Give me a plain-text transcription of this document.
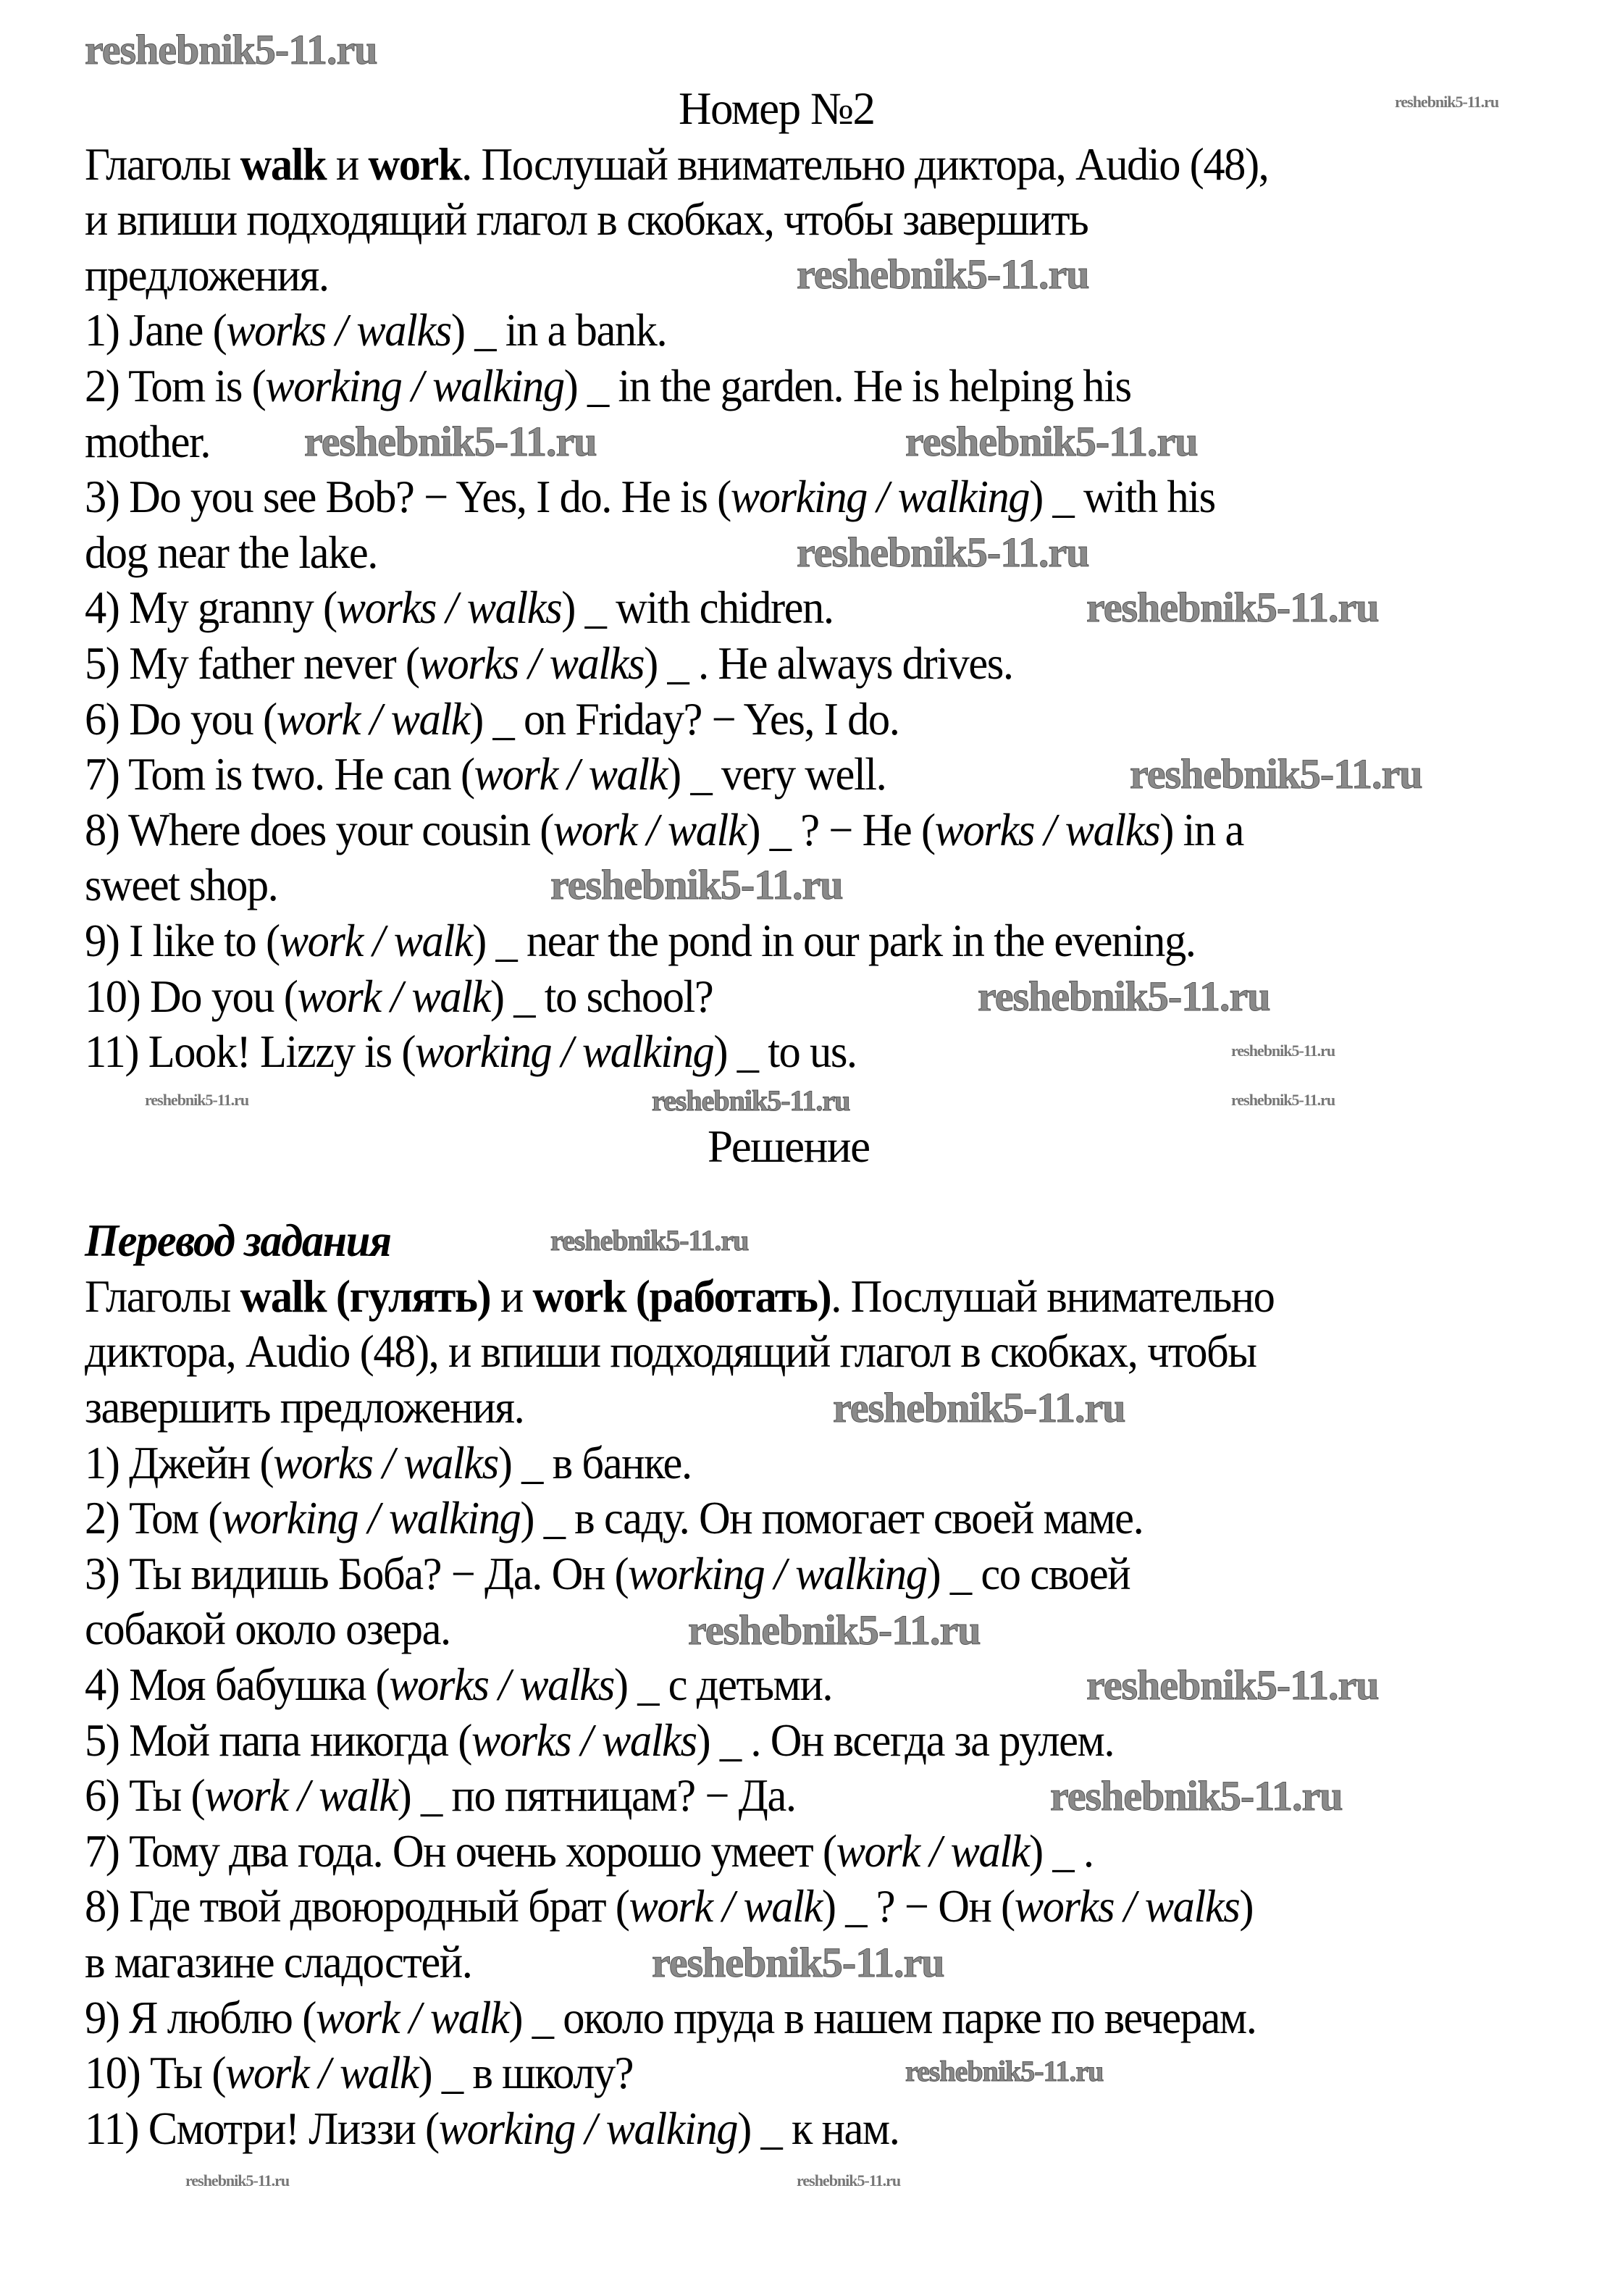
Номер №2
Глаголы walk и work. Послушай внимательно диктора, Audio (48),
и впиши подходящий глагол в скобках, чтобы завершить
предложения.
1) Jane (works / walks) _ in a bank.
2) Tom is (working / walking) _ in the garden. He is helping his
mother.
3) Do you see Bob? − Yes, I do. He is (working / walking) _ with his
dog near the lake.
4) My granny (works / walks) _ with chidren.
5) My father never (works / walks) _ . He always drives.
6) Do you (work / walk) _ on Friday? − Yes, I do.
7) Tom is two. He can (work / walk) _ very well.
8) Where does your cousin (work / walk) _ ? − He (works / walks) in a
sweet shop.
9) I like to (work / walk) _ near the pond in our park in the evening.
10) Do you (work / walk) _ to school?
11) Look! Lizzy is (working / walking) _ to us.
Решение
Перевод задания
Глаголы walk (гулять) и work (работать). Послушай внимательно
диктора, Audio (48), и впиши подходящий глагол в скобках, чтобы
завершить предложения.
1) Джейн (works / walks) _ в банке.
2) Том (working / walking) _ в саду. Он помогает своей маме.
3) Ты видишь Боба? − Да. Он (working / walking) _ со своей
собакой около озера.
4) Моя бабушка (works / walks) _ с детьми.
5) Мой папа никогда (works / walks) _ . Он всегда за рулем.
6) Ты (work / walk) _ по пятницам? − Да.
7) Тому два года. Он очень хорошо умеет (work / walk) _ .
8) Где твой двоюродный брат (work / walk) _ ? − Он (works / walks)
в магазине сладостей.
9) Я люблю (work / walk) _ около пруда в нашем парке по вечерам.
10) Ты (work / walk) _ в школу?
11) Смотри! Лиззи (working / walking) _ к нам.
reshebnik5-11.ru
reshebnik5-11.ru
reshebnik5-11.ru
reshebnik5-11.ru	reshebnik5-11.ru
reshebnik5-11.ru
reshebnik5-11.ru
reshebnik5-11.ru
reshebnik5-11.ru
reshebnik5-11.ru
reshebnik5-11.ru
reshebnik5-11.ru	reshebnik5-11.ru	reshebnik5-11.ru
reshebnik5-11.ru
reshebnik5-11.ru
reshebnik5-11.ru
reshebnik5-11.ru
reshebnik5-11.ru
reshebnik5-11.ru
reshebnik5-11.ru
reshebnik5-11.ru	reshebnik5-11.ru
